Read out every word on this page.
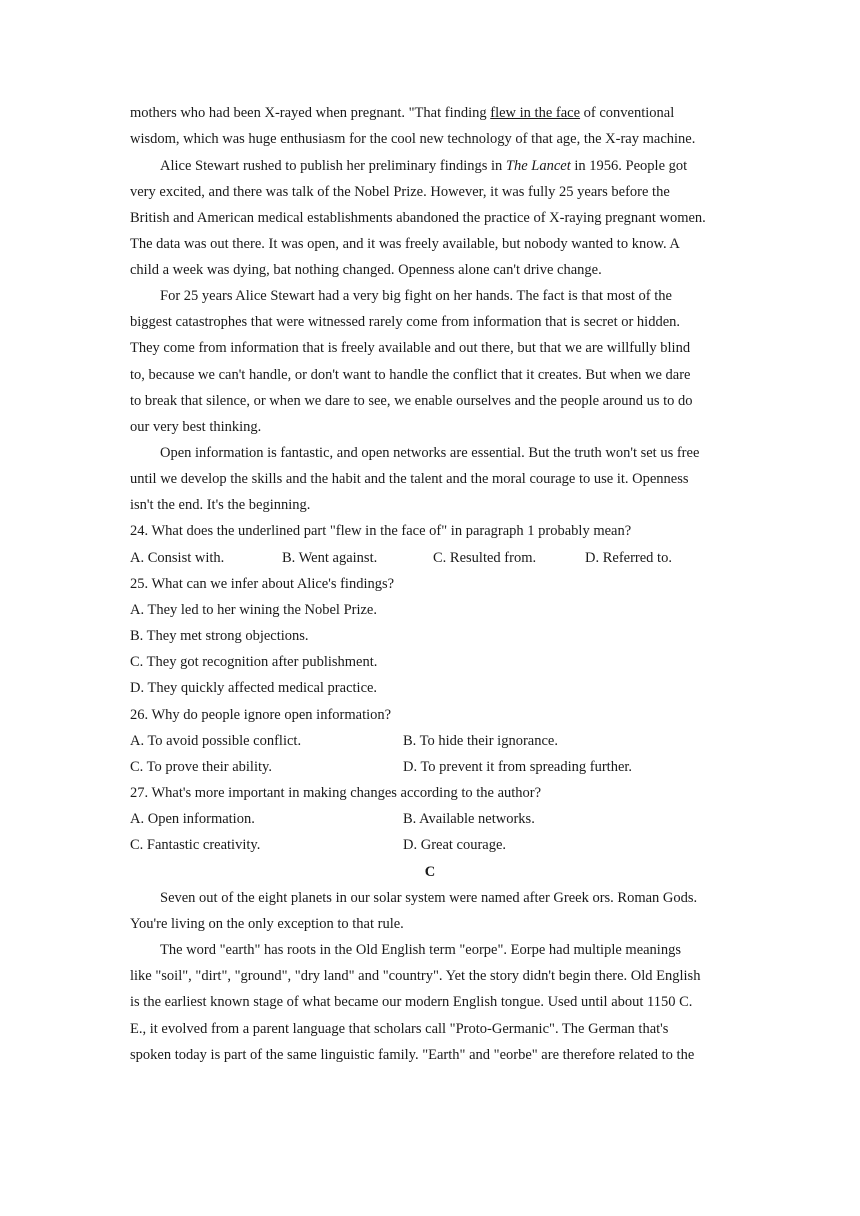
mothers who had been X-rayed when pregnant. "That finding flew in the face of conventional
wisdom, which was huge enthusiasm for the cool new technology of that age, the X-ray machine.
Alice Stewart rushed to publish her preliminary findings in The Lancet in 1956. People got
very excited, and there was talk of the Nobel Prize. However, it was fully 25 years before the
British and American medical establishments abandoned the practice of X-raying pregnant women.
The data was out there. It was open, and it was freely available, but nobody wanted to know. A
child a week was dying, bat nothing changed. Openness alone can't drive change.
For 25 years Alice Stewart had a very big fight on her hands. The fact is that most of the
biggest catastrophes that were witnessed rarely come from information that is secret or hidden.
They come from information that is freely available and out there, but that we are willfully blind
to, because we can't handle, or don't want to handle the conflict that it creates. But when we dare
to break that silence, or when we dare to see, we enable ourselves and the people around us to do
our very best thinking.
Open information is fantastic, and open networks are essential. But the truth won't set us free
until we develop the skills and the habit and the talent and the moral courage to use it. Openness
isn't the end. It's the beginning.
24. What does the underlined part "flew in the face of" in paragraph 1 probably mean?
A. Consist with.	B. Went against.	C. Resulted from.	D. Referred to.
25. What can we infer about Alice's findings?
A. They led to her wining the Nobel Prize.
B. They met strong objections.
C. They got recognition after publishment.
D. They quickly affected medical practice.
26. Why do people ignore open information?
A. To avoid possible conflict.	B. To hide their ignorance.
C. To prove their ability.	D. To prevent it from spreading further.
27. What's more important in making changes according to the author?
A. Open information.	B. Available networks.
C. Fantastic creativity.	D. Great courage.
C
Seven out of the eight planets in our solar system were named after Greek ors. Roman Gods.
You're living on the only exception to that rule.
The word "earth" has roots in the Old English term "eorpe". Eorpe had multiple meanings
like "soil", "dirt", "ground", "dry land" and "country". Yet the story didn't begin there. Old English
is the earliest known stage of what became our modern English tongue. Used until about 1150 C.
E., it evolved from a parent language that scholars call "Proto-Germanic". The German that's
spoken today is part of the same linguistic family. "Earth" and "eorbe" are therefore related to the
